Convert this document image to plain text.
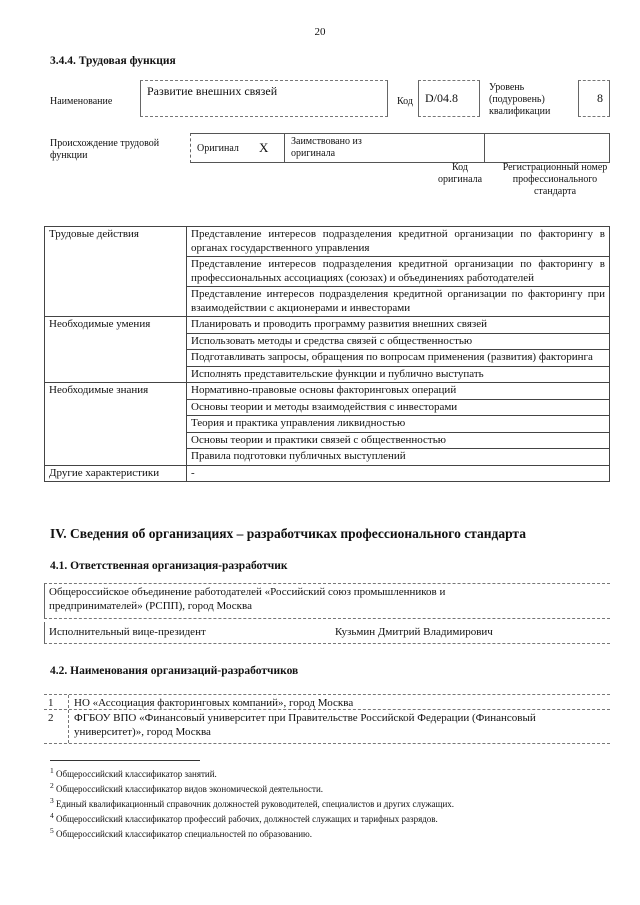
20
3.4.4. Трудовая функция
Наименование
Развитие внешних связей
Код	D/04.8
Уровень (подуровень) квалификации
8
Происхождение трудовой функции
Оригинал X Заимствовано из оригинала
Код оригинала
Регистрационный номер профессионального стандарта
Трудовые действия	Представление интересов подразделения кредитной организации по факторингу в органах государственного управления
	Представление интересов подразделения кредитной организации по факторингу в профессиональных ассоциациях (союзах) и объединениях работодателей
	Представление интересов подразделения кредитной организации по факторингу при взаимодействии с акционерами и инвесторами
Необходимые умения	Планировать и проводить программу развития внешних связей
	Использовать методы и средства связей с общественностью
	Подготавливать запросы, обращения по вопросам применения (развития) факторинга
	Исполнять представительские функции и публично выступать
Необходимые знания	Нормативно-правовые основы факторинговых операций
	Основы теории и методы взаимодействия с инвесторами
	Теория и практика управления ликвидностью
	Основы теории и практики связей с общественностью
	Правила подготовки публичных выступлений
Другие характеристики	-
IV. Сведения об организациях – разработчиках профессионального стандарта
4.1. Ответственная организация-разработчик
Общероссийское объединение работодателей «Российский союз промышленников и предпринимателей» (РСПП), город Москва
Исполнительный вице-президент	Кузьмин Дмитрий Владимирович
4.2. Наименования организаций-разработчиков
1 НО «Ассоциация факторинговых компаний», город Москва
2 ФГБОУ ВПО «Финансовый университет при Правительстве Российской Федерации (Финансовый университет)», город Москва
$^1$ Общероссийский классификатор занятий.
$^2$ Общероссийский классификатор видов экономической деятельности.
$^3$ Единый квалификационный справочник должностей руководителей, специалистов и других служащих.
$^4$ Общероссийский классификатор профессий рабочих, должностей служащих и тарифных разрядов.
$^5$ Общероссийский классификатор специальностей по образованию.
